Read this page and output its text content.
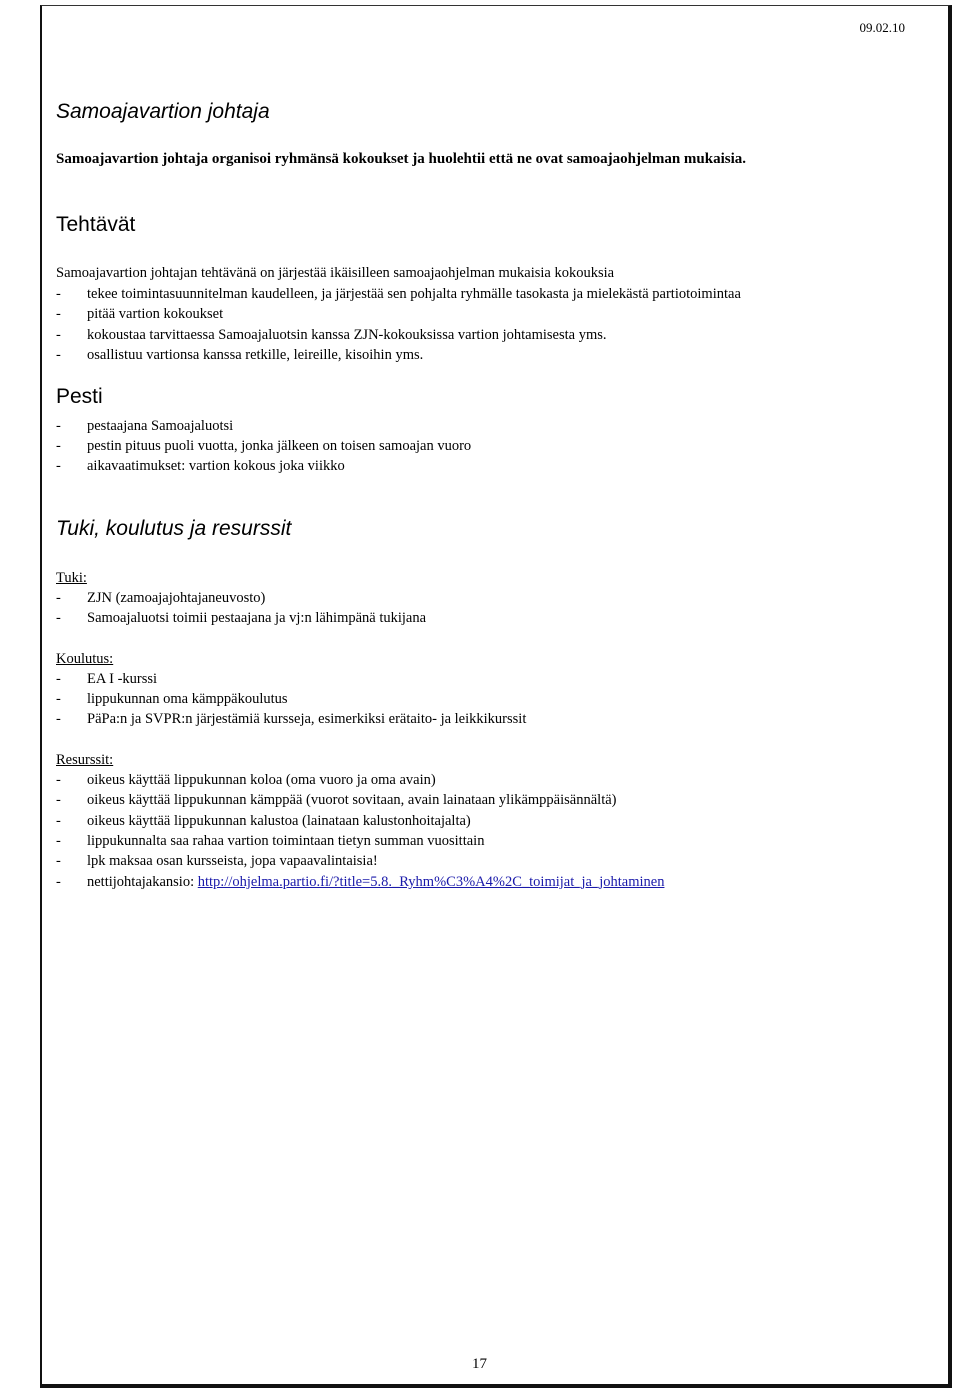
09.02.10
Samoajavartion johtaja

Samoajavartion johtaja organisoi ryhmänsä kokoukset ja huolehtii että ne ovat samoajaohjelman mukaisia.

Tehtävät

Samoajavartion johtajan tehtävänä on järjestää ikäisilleen samoajaohjelman mukaisia kokouksia

- tekee toimintasuunnitelman kaudelleen, ja järjestää sen pohjalta ryhmälle tasokasta ja mielekästä partiotoimintaa

- pitää vartion kokoukset

- kokoustaa tarvittaessa Samoajaluotsin kanssa ZJN-kokouksissa vartion johtamisesta yms.

- osallistuu vartionsa kanssa retkille, leireille, kisoihin yms.

Pesti

- pestaajana Samoajaluotsi

- pestin pituus puoli vuotta, jonka jälkeen on toisen samoajan vuoro

- aikavaatimukset: vartion kokous joka viikko

Tuki, koulutus ja resurssit

Tuki:

- ZJN (zamoajajohtajaneuvosto)

- Samoajaluotsi toimii pestaajana ja vj:n lähimpänä tukijana

Koulutus:

- EA I -kurssi

- lippukunnan oma kämppäkoulutus

- PäPa:n ja SVPR:n järjestämiä kursseja, esimerkiksi erätaito- ja leikkikurssit

Resurssit:

- oikeus käyttää lippukunnan koloa (oma vuoro ja oma avain)

- oikeus käyttää lippukunnan kämppää (vuorot sovitaan, avain lainataan ylikämppäisännältä)

- oikeus käyttää lippukunnan kalustoa (lainataan kalustonhoitajalta)

- lippukunnalta saa rahaa vartion toimintaan tietyn summan vuosittain

- lpk maksaa osan kursseista, jopa vapaavalintaisia!

- nettijohtajakansio: http://ohjelma.partio.fi/?title=5.8._Ryhm%C3%A4%2C_toimijat_ja_johtaminen

17
